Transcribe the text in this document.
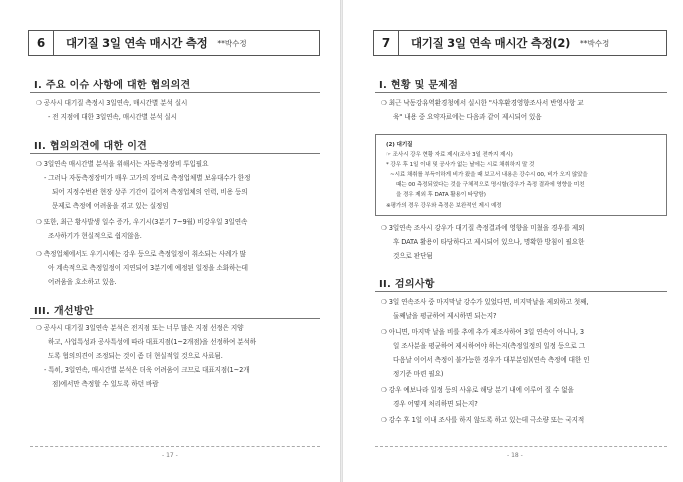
6	대기질 3일 연속 매시간 측정 **박수정
I. 주요 이슈 사항에 대한 협의의견
❍ 공사시 대기질 측정시 3일연속, 매시간별 분석 실시
- 전 지점에 대한 3일연속, 매시간별 분석 실시
II. 협의의견에 대한 이견
❍ 3일연속 매시간별 분석을 위해서는 자동측정장비 투입필요
- 그러나 자동측정장비가 매우 고가의 장비로 측정업체별 보유대수가 한정
되어 지정수번관 현장 상주 기간이 길어져 측정업체의 인력, 비용 등의
문제로 측정에 어려움을 겪고 있는 실정임
❍ 또한, 최근 황사발생 일수 증가, 우기시(3분기 7~9월) 비강우일 3일연속
조사하기가 현실적으로 쉽지않음.
❍ 측정업체에서도 우기시에는 강우 등으로 측정일정이 취소되는 사례가 많
아 계속적으로 측정일정이 지연되어 3분기에 예정된 일정을 소화하는데
어려움을 호소하고 있음.
III. 개선방안
❍ 공사시 대기질 3일연속 분석은 전지점 또는 너무 많은 지점 선정은 지양
하고, 사업특성과 공사특성에 따라 대표지점(1~2개점)을 선정하여 분석하
도록 협의의견이 조정되는 것이 좀 더 현실적일 것으로 사료됨.
- 특히, 3일연속, 매시간별 분석은 더욱 어려움이 크므로 대표지점(1~2개
점)에서만 측정할 수 있도록 하던 바람
- 17 -
7	대기질 3일 연속 매시간 측정(2) **박수정
I. 현황 및 문제점
❍ 최근 낙동강유역환경청에서 실시한 "사후환경영향조사서 반영사항 교
육" 내용 중 요약자료에는 다음과 같이 제시되어 있음
(2) 대기질
☞ 조사시 강우 현황 자료 제시(조사 3일 전까지 제시)
* 강우 후 1일 이내 및 공사가 없는 날에는 시료 채취하지 말 것
~시료 채취를 부득이하게 비가 왔을 때 보고서 내용은 강수시 00, 비가 오지 않았을
때는 00 측정되었다는 것을 구체적으로 명시할(강우가 측정 결과에 영향을 미친
을 경우 제외 후 DATA 활용이 타당함)
※평가의 경우 강우와 측정은 보완적인 제시 예정
❍ 3일연속 조사시 강우가 대기질 측정결과에 영향을 미쳤을 경우를 제외
후 DATA 활용이 타당하다고 제시되어 있으나, 명확한 방침이 필요한
것으로 판단됨
II. 검의사항
❍ 3일 연속조사 중 마지막날 강수가 있었다면, 비지막날을 제외하고 첫째,
둘째날을 평균하여 제시하면 되는지?
❍ 아니면, 마지막 날을 비를 추에 추가 제조사하여 3일 연속이 아니나, 3
일 조사분을 평균하여 제시하여야 하는지(측정일정의 일정 등으로 그
다음날 이어서 측정이 불가능한 경우가 대부분임)(연속 측정에 대한 인
정기준 마련 필요)
❍ 강우 예보나라 일정 등의 사유로 해당 분기 내에 이루어 질 수 없을
경우 어떻게 처리하면 되는지?
❍ 강수 후 1일 이내 조사를 하지 않도록 하고 있는데 극소량 또는 국지적
- 18 -
